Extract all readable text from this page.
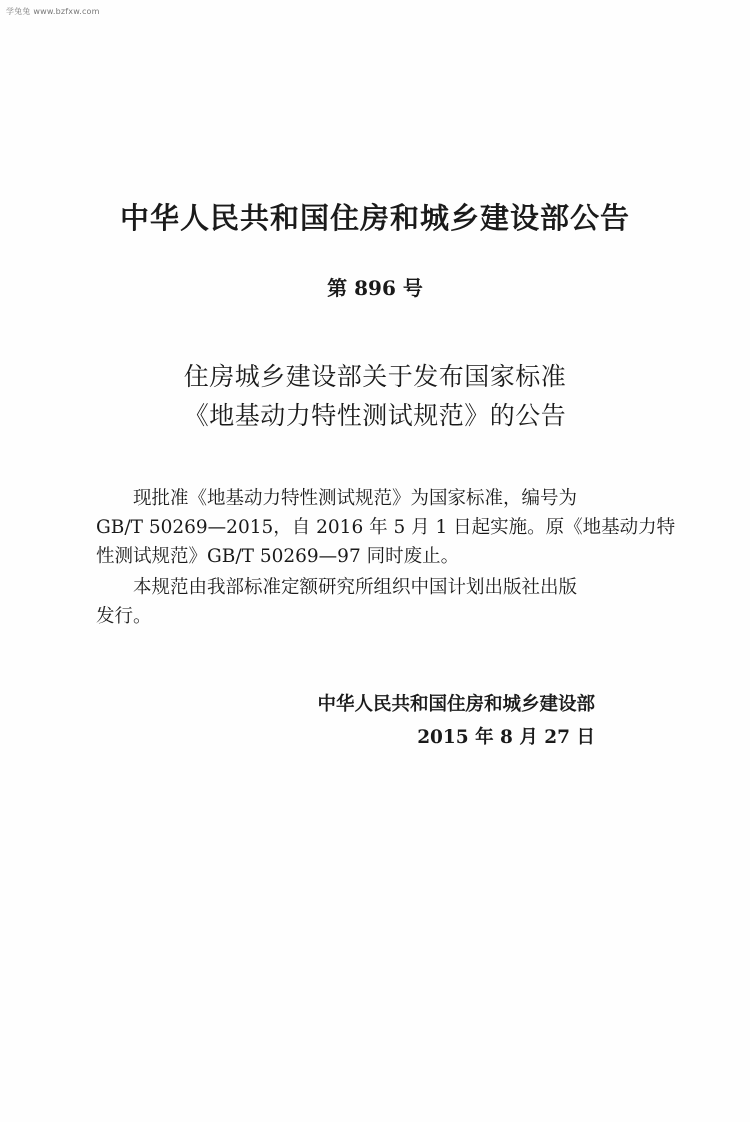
学兔兔 www.bzfxw.com
中华人民共和国住房和城乡建设部公告
第 896 号
住房城乡建设部关于发布国家标准
《地基动力特性测试规范》的公告
　　现批准《地基动力特性测试规范》为国家标准，编号为
GB/T 50269—2015，自 2016 年 5 月 1 日起实施。原《地基动力特
性测试规范》GB/T 50269—97 同时废止。
　　本规范由我部标准定额研究所组织中国计划出版社出版
发行。
中华人民共和国住房和城乡建设部
2015 年 8 月 27 日
